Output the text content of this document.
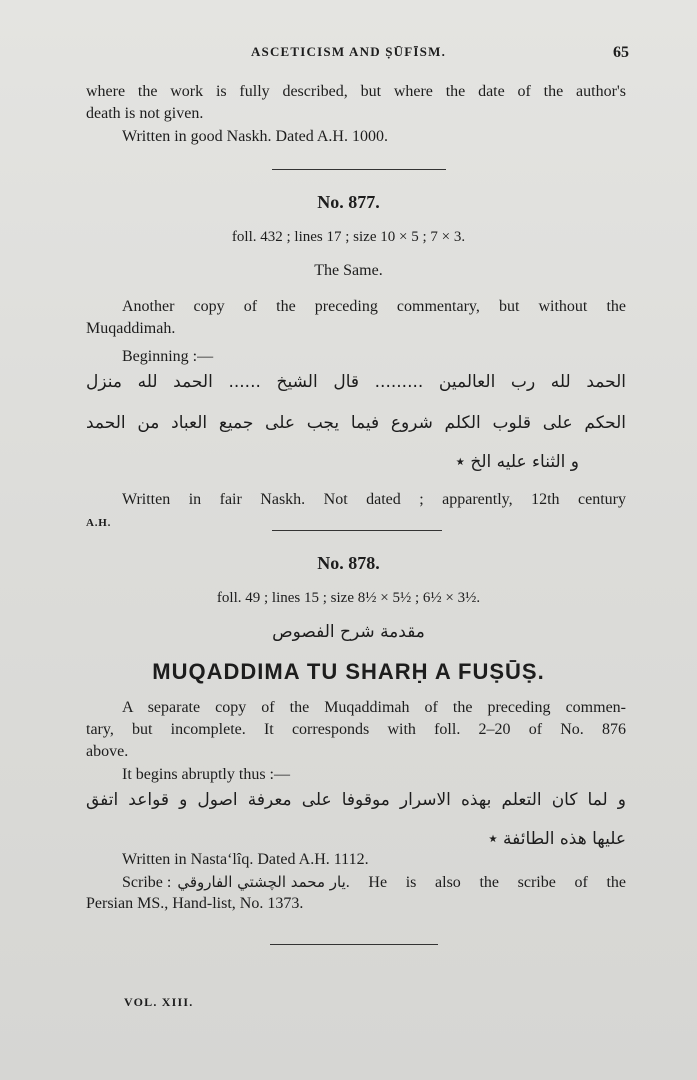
ASCETICISM AND ṢŪFĪSM.	65
where the work is fully described, but where the date of the author's
death is not given.
Written in good Naskh. Dated A.H. 1000.
No. 877.
foll. 432 ; lines 17 ; size 10 × 5 ; 7 × 3.
The Same.
Another copy of the preceding commentary, but without the
Muqaddimah.
Beginning :—
الحمد لله رب العالمين ......... قال الشيخ ...... الحمد لله منزل
الحكم على قلوب الكلم شروع فيما يجب على جميع العباد من الحمد
و الثناء عليه الخ ٭
Written in fair Naskh. Not dated ; apparently, 12th century
A.H.
No. 878.
foll. 49 ; lines 15 ; size 8½ × 5½ ; 6½ × 3½.
مقدمة شرح الفصوص
MUQADDIMA TU SHARḤ A FUṢŪṢ.
A separate copy of the Muqaddimah of the preceding commen-
tary, but incomplete. It corresponds with foll. 2–20 of No. 876
above.
It begins abruptly thus :—
و لما كان التعلم بهذه الاسرار موقوفا على معرفة اصول و قواعد اتفق
عليها هذه الطائفة ٭
Written in Nastaʻlîq. Dated A.H. 1112.
Scribe : يار محمد الچشتي الفاروقي . He is also the scribe of the
Persian MS., Hand-list, No. 1373.
VOL. XIII.
